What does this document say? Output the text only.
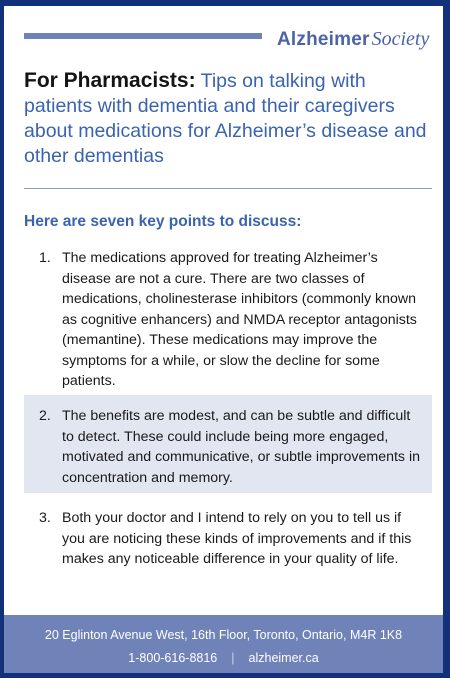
Alzheimer Society
For Pharmacists: Tips on talking with patients with dementia and their caregivers about medications for Alzheimer’s disease and other dementias
Here are seven key points to discuss:
1. The medications approved for treating Alzheimer’s disease are not a cure. There are two classes of medications, cholinesterase inhibitors (commonly known as cognitive enhancers) and NMDA receptor antagonists (memantine). These medications may improve the symptoms for a while, or slow the decline for some patients.
2. The benefits are modest, and can be subtle and difficult to detect. These could include being more engaged, motivated and communicative, or subtle improvements in concentration and memory.
3. Both your doctor and I intend to rely on you to tell us if you are noticing these kinds of improvements and if this makes any noticeable difference in your quality of life.
20 Eglinton Avenue West, 16th Floor, Toronto, Ontario, M4R 1K8
1-800-616-8816 | alzheimer.ca
